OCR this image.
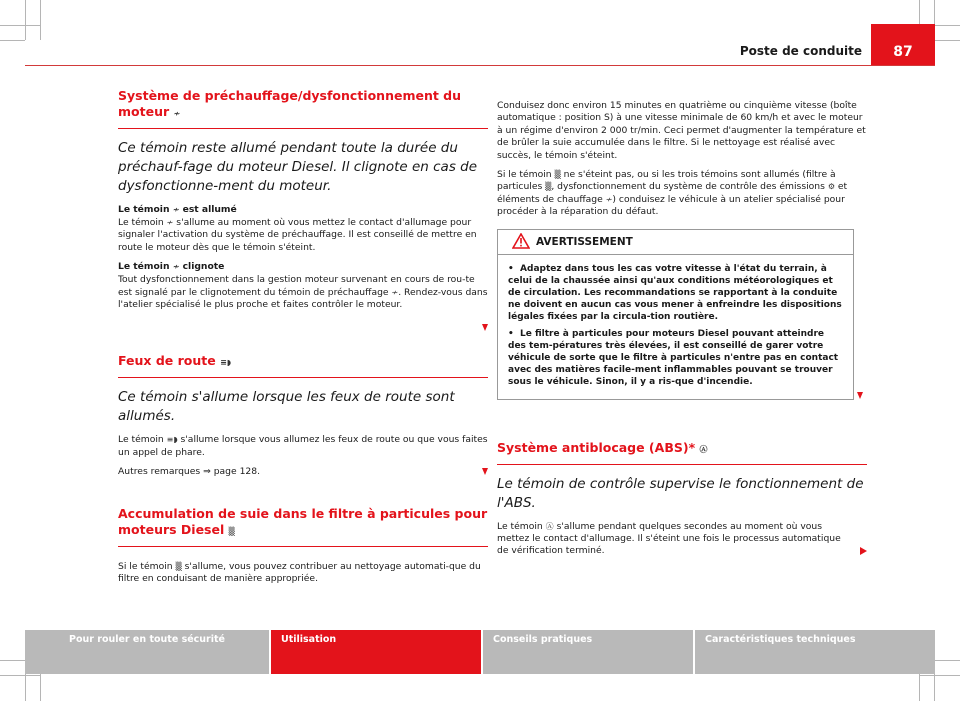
Poste de conduite	87
Système de préchauffage/dysfonctionnement du moteur ≁
Ce témoin reste allumé pendant toute la durée du préchauf-fage du moteur Diesel. Il clignote en cas de dysfonctionne-ment du moteur.
Le témoin ≁ est allumé

Le témoin ≁ s'allume au moment où vous mettez le contact d'allumage pour signaler l'activation du système de préchauffage. Il est conseillé de mettre en route le moteur dès que le témoin s'éteint.

Le témoin ≁ clignote

Tout dysfonctionnement dans la gestion moteur survenant en cours de rou-te est signalé par le clignotement du témoin de préchauffage ≁. Rendez-vous dans l'atelier spécialisé le plus proche et faites contrôler le moteur.

Feux de route ≡◗
Ce témoin s'allume lorsque les feux de route sont allumés.

Le témoin ≡◗ s'allume lorsque vous allumez les feux de route ou que vous faites un appel de phare.

Autres remarques ⇒ page 128.

Accumulation de suie dans le filtre à particules pour moteurs Diesel ▒

Si le témoin ▒ s'allume, vous pouvez contribuer au nettoyage automati-que du filtre en conduisant de manière appropriée.

Conduisez donc environ 15 minutes en quatrième ou cinquième vitesse (boîte automatique : position S) à une vitesse minimale de 60 km/h et avec le moteur à un régime d'environ 2 000 tr/min. Ceci permet d'augmenter la température et de brûler la suie accumulée dans le filtre. Si le nettoyage est réalisé avec succès, le témoin s'éteint.

Si le témoin ▒ ne s'éteint pas, ou si les trois témoins sont allumés (filtre à particules ▒, dysfonctionnement du système de contrôle des émissions ⚙ et éléments de chauffage ≁) conduisez le véhicule à un atelier spécialisé pour procéder à la réparation du défaut.

AVERTISSEMENT

•  Adaptez dans tous les cas votre vitesse à l'état du terrain, à celui de la chaussée ainsi qu'aux conditions météorologiques et de circulation. Les recommandations se rapportant à la conduite ne doivent en aucun cas vous mener à enfreindre les dispositions légales fixées par la circula-tion routière.

•  Le filtre à particules pour moteurs Diesel pouvant atteindre des tem-pératures très élevées, il est conseillé de garer votre véhicule de sorte que le filtre à particules n'entre pas en contact avec des matières facile-ment inflammables pouvant se trouver sous le véhicule. Sinon, il y a ris-que d'incendie.

Système antiblocage (ABS)* Ⓐ
Le témoin de contrôle supervise le fonctionnement de l'ABS.

Le témoin Ⓐ s'allume pendant quelques secondes au moment où vous mettez le contact d'allumage. Il s'éteint une fois le processus automatique de vérification terminé.

Pour rouler en toute sécurité	Utilisation	Conseils pratiques	Caractéristiques techniques
